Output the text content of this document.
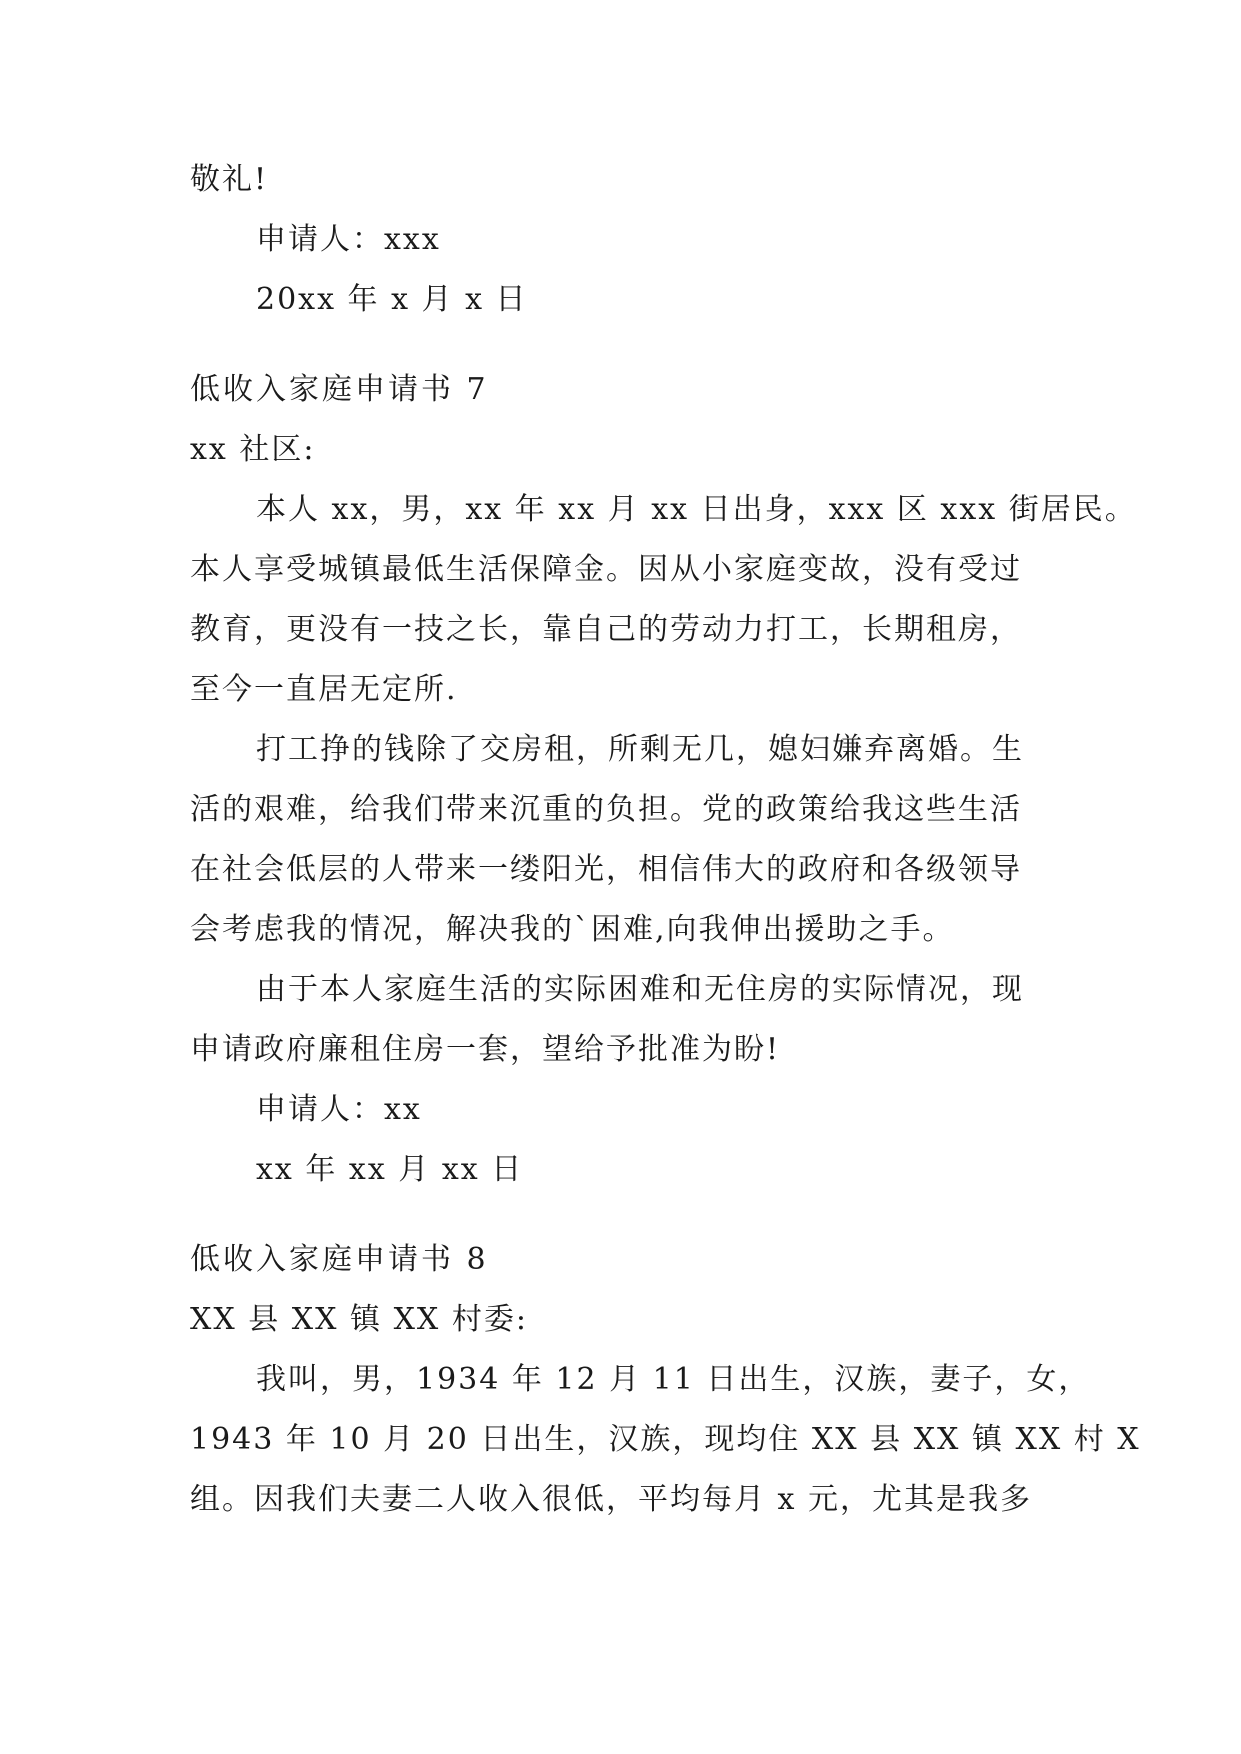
敬礼!
申请人：xxx
20xx 年 x 月 x 日
低收入家庭申请书 7
xx 社区:
本人 xx，男，xx 年 xx 月 xx 日出身，xxx 区 xxx 街居民。
本人享受城镇最低生活保障金。因从小家庭变故，没有受过
教育，更没有一技之长，靠自己的劳动力打工，长期租房，
至今一直居无定所.
打工挣的钱除了交房租，所剩无几，媳妇嫌弃离婚。生
活的艰难，给我们带来沉重的负担。党的政策给我这些生活
在社会低层的人带来一缕阳光，相信伟大的政府和各级领导
会考虑我的情况，解决我的`困难,向我伸出援助之手。
由于本人家庭生活的实际困难和无住房的实际情况，现
申请政府廉租住房一套，望给予批准为盼!
申请人：xx
xx 年 xx 月 xx 日
低收入家庭申请书 8
XX 县 XX 镇 XX 村委:
我叫，男，1934 年 12 月 11 日出生，汉族，妻子，女，
1943 年 10 月 20 日出生，汉族，现均住 XX 县 XX 镇 XX 村 X
组。因我们夫妻二人收入很低，平均每月 x 元，尤其是我多
